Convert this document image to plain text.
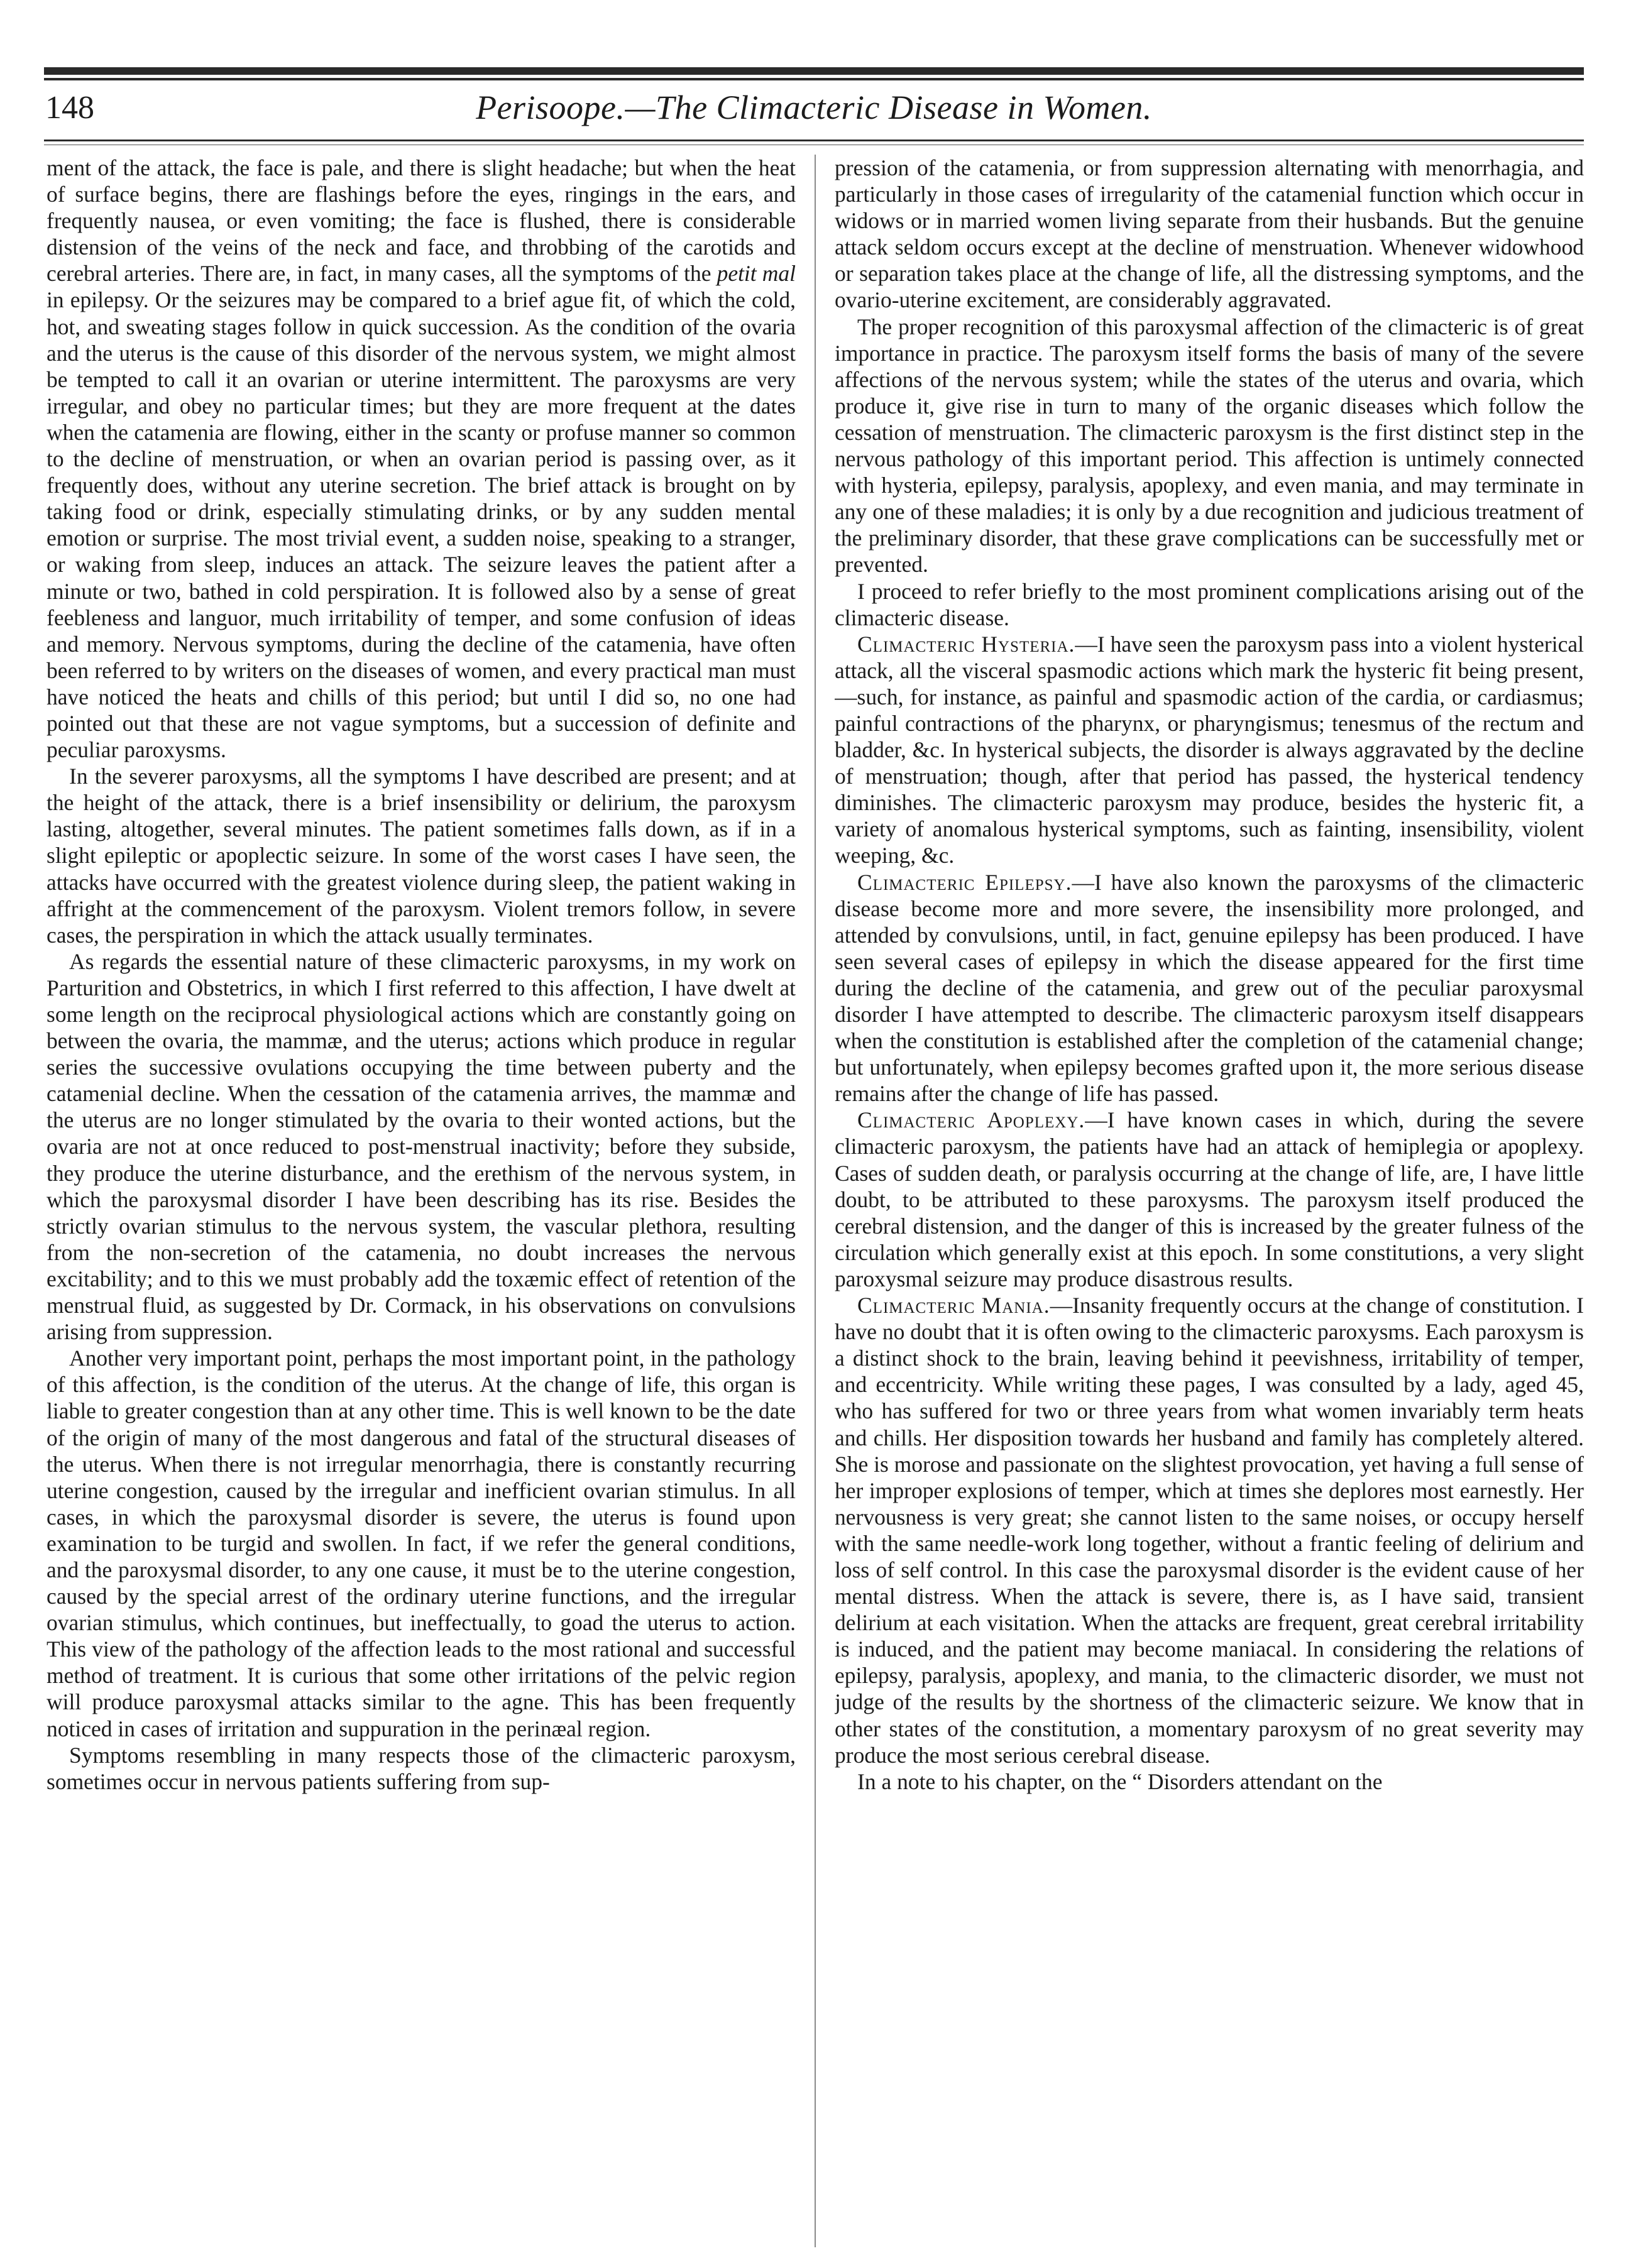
148	Perisoope.—The Climacteric Disease in Women.

ment of the attack, the face is pale, and there is slight headache; but when the heat of surface begins, there are flashings before the eyes, ringings in the ears, and frequently nausea, or even vomiting; the face is flushed, there is considerable distension of the veins of the neck and face, and throbbing of the carotids and cerebral arteries. There are, in fact, in many cases, all the symptoms of the petit mal in epilepsy. Or the seizures may be compared to a brief ague fit, of which the cold, hot, and sweating stages follow in quick succession. As the condition of the ovaria and the uterus is the cause of this disorder of the nervous system, we might almost be tempted to call it an ovarian or uterine intermittent. The paroxysms are very irregular, and obey no particular times; but they are more frequent at the dates when the catamenia are flowing, either in the scanty or profuse manner so common to the decline of menstruation, or when an ovarian period is passing over, as it frequently does, without any uterine secretion. The brief attack is brought on by taking food or drink, especially stimulating drinks, or by any sudden mental emotion or surprise. The most trivial event, a sudden noise, speaking to a stranger, or waking from sleep, induces an attack. The seizure leaves the patient after a minute or two, bathed in cold perspiration. It is followed also by a sense of great feebleness and languor, much irritability of temper, and some confusion of ideas and memory. Nervous symptoms, during the decline of the catamenia, have often been referred to by writers on the diseases of women, and every practical man must have noticed the heats and chills of this period; but until I did so, no one had pointed out that these are not vague symptoms, but a succession of definite and peculiar paroxysms.

In the severer paroxysms, all the symptoms I have described are present; and at the height of the attack, there is a brief insensibility or delirium, the paroxysm lasting, altogether, several minutes. The patient sometimes falls down, as if in a slight epileptic or apoplectic seizure. In some of the worst cases I have seen, the attacks have occurred with the greatest violence during sleep, the patient waking in affright at the commencement of the paroxysm. Violent tremors follow, in severe cases, the perspiration in which the attack usually terminates.

As regards the essential nature of these climacteric paroxysms, in my work on Parturition and Obstetrics, in which I first referred to this affection, I have dwelt at some length on the reciprocal physiological actions which are constantly going on between the ovaria, the mammæ, and the uterus; actions which produce in regular series the successive ovulations occupying the time between puberty and the catamenial decline. When the cessation of the catamenia arrives, the mammæ and the uterus are no longer stimulated by the ovaria to their wonted actions, but the ovaria are not at once reduced to post-menstrual inactivity; before they subside, they produce the uterine disturbance, and the erethism of the nervous system, in which the paroxysmal disorder I have been describing has its rise. Besides the strictly ovarian stimulus to the nervous system, the vascular plethora, resulting from the non-secretion of the catamenia, no doubt increases the nervous excitability; and to this we must probably add the toxæmic effect of retention of the menstrual fluid, as suggested by Dr. Cormack, in his observations on convulsions arising from suppression.

Another very important point, perhaps the most important point, in the pathology of this affection, is the condition of the uterus. At the change of life, this organ is liable to greater congestion than at any other time. This is well known to be the date of the origin of many of the most dangerous and fatal of the structural diseases of the uterus. When there is not irregular menorrhagia, there is constantly recurring uterine congestion, caused by the irregular and inefficient ovarian stimulus. In all cases, in which the paroxysmal disorder is severe, the uterus is found upon examination to be turgid and swollen. In fact, if we refer the general conditions, and the paroxysmal disorder, to any one cause, it must be to the uterine congestion, caused by the special arrest of the ordinary uterine functions, and the irregular ovarian stimulus, which continues, but ineffectually, to goad the uterus to action. This view of the pathology of the affection leads to the most rational and successful method of treatment. It is curious that some other irritations of the pelvic region will produce paroxysmal attacks similar to the agne. This has been frequently noticed in cases of irritation and suppuration in the perinæal region.

Symptoms resembling in many respects those of the climacteric paroxysm, sometimes occur in nervous patients suffering from sup-

pression of the catamenia, or from suppression alternating with menorrhagia, and particularly in those cases of irregularity of the catamenial function which occur in widows or in married women living separate from their husbands. But the genuine attack seldom occurs except at the decline of menstruation. Whenever widowhood or separation takes place at the change of life, all the distressing symptoms, and the ovario-uterine excitement, are considerably aggravated.

The proper recognition of this paroxysmal affection of the climacteric is of great importance in practice. The paroxysm itself forms the basis of many of the severe affections of the nervous system; while the states of the uterus and ovaria, which produce it, give rise in turn to many of the organic diseases which follow the cessation of menstruation. The climacteric paroxysm is the first distinct step in the nervous pathology of this important period. This affection is untimely connected with hysteria, epilepsy, paralysis, apoplexy, and even mania, and may terminate in any one of these maladies; it is only by a due recognition and judicious treatment of the preliminary disorder, that these grave complications can be successfully met or prevented.

I proceed to refer briefly to the most prominent complications arising out of the climacteric disease.

Climacteric Hysteria.—I have seen the paroxysm pass into a violent hysterical attack, all the visceral spasmodic actions which mark the hysteric fit being present,—such, for instance, as painful and spasmodic action of the cardia, or cardiasmus; painful contractions of the pharynx, or pharyngismus; tenesmus of the rectum and bladder, &c. In hysterical subjects, the disorder is always aggravated by the decline of menstruation; though, after that period has passed, the hysterical tendency diminishes. The climacteric paroxysm may produce, besides the hysteric fit, a variety of anomalous hysterical symptoms, such as fainting, insensibility, violent weeping, &c.

Climacteric Epilepsy.—I have also known the paroxysms of the climacteric disease become more and more severe, the insensibility more prolonged, and attended by convulsions, until, in fact, genuine epilepsy has been produced. I have seen several cases of epilepsy in which the disease appeared for the first time during the decline of the catamenia, and grew out of the peculiar paroxysmal disorder I have attempted to describe. The climacteric paroxysm itself disappears when the constitution is established after the completion of the catamenial change; but unfortunately, when epilepsy becomes grafted upon it, the more serious disease remains after the change of life has passed.

Climacteric Apoplexy.—I have known cases in which, during the severe climacteric paroxysm, the patients have had an attack of hemiplegia or apoplexy. Cases of sudden death, or paralysis occurring at the change of life, are, I have little doubt, to be attributed to these paroxysms. The paroxysm itself produced the cerebral distension, and the danger of this is increased by the greater fulness of the circulation which generally exist at this epoch. In some constitutions, a very slight paroxysmal seizure may produce disastrous results.

Climacteric Mania.—Insanity frequently occurs at the change of constitution. I have no doubt that it is often owing to the climacteric paroxysms. Each paroxysm is a distinct shock to the brain, leaving behind it peevishness, irritability of temper, and eccentricity. While writing these pages, I was consulted by a lady, aged 45, who has suffered for two or three years from what women invariably term heats and chills. Her disposition towards her husband and family has completely altered. She is morose and passionate on the slightest provocation, yet having a full sense of her improper explosions of temper, which at times she deplores most earnestly. Her nervousness is very great; she cannot listen to the same noises, or occupy herself with the same needle-work long together, without a frantic feeling of delirium and loss of self control. In this case the paroxysmal disorder is the evident cause of her mental distress. When the attack is severe, there is, as I have said, transient delirium at each visitation. When the attacks are frequent, great cerebral irritability is induced, and the patient may become maniacal. In considering the relations of epilepsy, paralysis, apoplexy, and mania, to the climacteric disorder, we must not judge of the results by the shortness of the climacteric seizure. We know that in other states of the constitution, a momentary paroxysm of no great severity may produce the most serious cerebral disease.

In a note to his chapter, on the “ Disorders attendant on the
